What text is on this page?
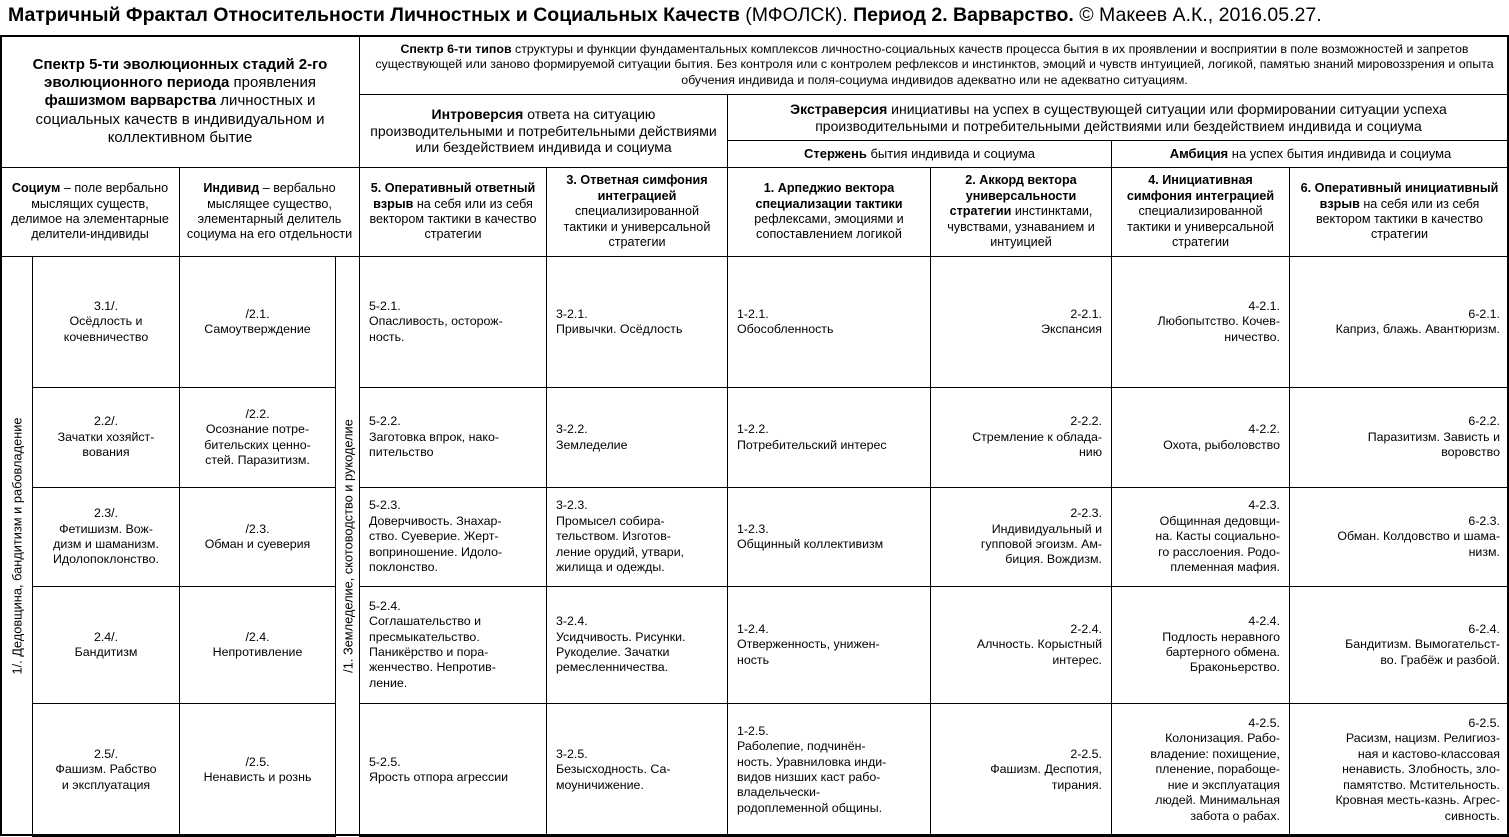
Матричный Фрактал Относительности Личностных и Социальных Качеств (МФОЛСК). Период 2. Варварство. © Макеев А.К., 2016.05.27.
Спектр 5-ти эволюционных стадий 2-го эволюционного периода проявления фашизмом варварства личностных и социальных качеств в индивидуальном и коллективном бытие
Спектр 6-ти типов структуры и функции фундаментальных комплексов личностно-социальных качеств процесса бытия в их проявлении и восприятии в поле возможностей и запретов существующей или заново формируемой ситуации бытия. Без контроля или с контролем рефлексов и инстинктов, эмоций и чувств интуицией, логикой, памятью знаний мировоззрения и опыта обучения индивида и поля-социума индивидов адекватно или не адекватно ситуациям.
Интроверсия ответа на ситуацию производительными и потребительными действиями или бездействием индивида и социума
Экстраверсия инициативы на успех в существующей ситуации или формировании ситуации успеха производительными и потребительными действиями или бездействием индивида и социума
Стержень бытия индивида и социума	Амбиция на успех бытия индивида и социума
Социум – поле вербально мыслящих существ, делимое на элементарные делители-индивиды
Индивид – вербально мыслящее существо, элементарный делитель социума на его отдельности
5. Оперативный ответный взрыв на себя или из себя вектором тактики в качество стратегии
3. Ответная симфония интеграцией специализированной тактики и универсальной стратегии
1. Арпеджио вектора специализации тактики рефлексами, эмоциями и сопоставлением логикой
2. Аккорд вектора универсальности стратегии инстинктами, чувствами, узнаванием и интуицией
4. Инициативная симфония интеграцией специализированной тактики и универсальной стратегии
6. Оперативный инициативный взрыв на себя или из себя вектором тактики в качество стратегии
1/. Дедовщина, бандитизм и рабовладение	/1. Земледелие, скотоводство и рукоделие
3.1/.
Осёдлость и
кочевничество
/2.1.
Самоутверждение
5-2.1.
Опасливость, осторож-
ность.
3-2.1.
Привычки. Осёдлость
1-2.1.
Обособленность
2-2.1.
Экспансия
4-2.1.
Любопытство. Кочев-
ничество.
6-2.1.
Каприз, блажь. Авантюризм.
2.2/.
Зачатки хозяйст-
вования
/2.2.
Осознание потре-
бительских ценно-
стей. Паразитизм.
5-2.2.
Заготовка впрок, нако-
пительство
3-2.2.
Земледелие
1-2.2.
Потребительский интерес
2-2.2.
Стремление к облада-
нию
4-2.2.
Охота, рыболовство
6-2.2.
Паразитизм. Зависть и
воровство
2.3/.
Фетишизм. Вож-
дизм и шаманизм.
Идолопоклонство.
/2.3.
Обман и суеверия
5-2.3.
Доверчивость. Знахар-
ство. Суеверие. Жерт-
воприношение. Идоло-
поклонство.
3-2.3.
Промысел собира-
тельством. Изготов-
ление орудий, утвари,
жилища и одежды.
1-2.3.
Общинный коллективизм
2-2.3.
Индивидуальный и
гупповой эгоизм. Ам-
биция. Вождизм.
4-2.3.
Общинная дедовщи-
на. Касты социально-
го расслоения. Родо-
племенная мафия.
6-2.3.
Обман. Колдовство и шама-
низм.
2.4/.
Бандитизм
/2.4.
Непротивление
5-2.4.
Соглашательство и
пресмыкательство.
Паникёрство и пора-
женчество. Непротив-
ление.
3-2.4.
Усидчивость. Рисунки.
Рукоделие. Зачатки
ремесленничества.
1-2.4.
Отверженность, унижен-
ность
2-2.4.
Алчность. Корыстный
интерес.
4-2.4.
Подлость неравного
бартерного обмена.
Браконьерство.
6-2.4.
Бандитизм. Вымогательст-
во. Грабёж и разбой.
2.5/.
Фашизм. Рабство
и эксплуатация
/2.5.
Ненависть и рознь
5-2.5.
Ярость отпора агрессии
3-2.5.
Безысходность. Са-
моуничижение.
1-2.5.
Раболепие, подчинён-
ность. Уравниловка инди-
видов низших каст рабо-
владельчески-
родоплеменной общины.
2-2.5.
Фашизм. Деспотия,
тирания.
4-2.5.
Колонизация. Рабо-
владение: похищение,
пленение, порабоще-
ние и эксплуатация
людей. Минимальная
забота о рабах.
6-2.5.
Расизм, нацизм. Религиоз-
ная и кастово-классовая
ненависть. Злобность, зло-
памятство. Мстительность.
Кровная месть-казнь. Агрес-
сивность.
